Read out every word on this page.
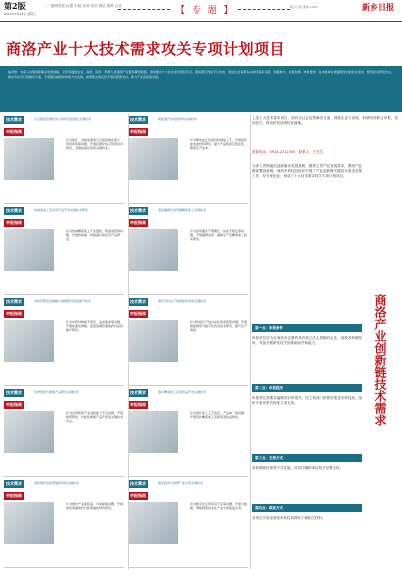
第2版
2022年9月28日 星期三
一二版网络报 标题 专版 导读 回归 网站 报纸 目录	【 专 题 】	新乡日报 要闻 2022	新乡日报
商洛产业十大技术需求攻关专项计划项目

编者按：为深入实施创新驱动发展战略，引导和鼓励企业、高校、院所、科研人员围绕产业链部署创新链，加快推动十大技术需求项目攻关。现将项目内容予以发布，欢迎社会各界有关单位联系对接、积极参与、共谋发展。申报要求：各申报单位须围绕发布的技术需求，组织技术研发攻关，提出切实可行的解决方案。专项通过揭榜挂帅等方式实施，按照相关规定给予项目经费支持，助力产业高质量发展。

技术需求	大宗固废资源化综合利用及高值化关键技术
申报指南
针对尾矿、冶炼废渣等大宗固废堆存量大、利用率低等问题，开展资源化综合利用技术研究，突破高值化利用关键技术。
技术需求	新能源汽车电池材料关键技术
申报指南
针对锂电池正负极材料制备工艺，开展高性能电池材料研究，提升产品性能及稳定性，降低生产成本。
技术需求	核桃深加工及系列产品开发关键技术研究
申报指南
针对核桃精深加工产业链短、附加值低等问题，开展核桃油、核桃蛋白等系列产品研发。
技术需求	香菇菌棒及食用菌精深加工关键技术
申报指南
针对食用菌生产周期长、品质不稳定等问题，开展菌种选育、菌棒生产及精深加工技术研究。
技术需求	中药材规范化种植与道地药材质量提升技术
申报指南
针对中药材种植不规范、品质参差等问题，开展标准化种植、质量追溯及道地药材品质提升研究。
技术需求	现代材料生产线智能化改造关键技术
申报指南
针对传统生产线自动化程度低等问题，开展智能制造与数字化改造技术研究，提升生产效率。
技术需求	生物医药与健康产品研发关键技术
申报指南
针对生物医药产业创新能力不足问题，开展新药研发、功能性健康产品开发等关键技术攻关。
技术需求	茶叶精深加工及茶饮品开发关键技术
申报指南
针对茶叶加工工艺落后、产品单一等问题，开展茶叶精深加工及新型茶饮品研发。
技术需求	绿色建材及新型墙体材料关键技术
申报指南
针对建材产业能耗高、污染重等问题，开展绿色低碳建材与新型墙体材料研究。
技术需求	数字经济与智慧产业应用关键技术
申报指南
针对数字化应用场景不足等问题，开展大数据、物联网等技术在产业中的集成应用。
上述十大技术需求项目，面向全社会征集解决方案，鼓励企业与高校、科研院所联合申报，协同攻关，推动科技成果转化落地。
联系电话：0914-2312345　联系人：王先生
为深入贯彻落实创新驱动发展战略，聚焦主导产业发展需求，围绕产业链部署创新链，商洛市科技局组织开展了产业创新链关键技术需求征集工作，经专家论证，形成了十大技术需求攻关专项计划项目。
第一点：申报条件
申报单位应为在商洛市注册的具有独立法人资格的企业、高校或科研院所，具备开展研发攻关的基础条件和能力。
第二点：申报程序
申报单位按要求编制项目申报书，经主管部门审核后报送市科技局，组织专家评审后择优立项支持。
第三点：支持方式
采取揭榜挂帅等方式实施，对成功揭榜项目给予经费支持。
第四点：联系方式
各单位可登录商洛市科技局网站下载相关材料。
商洛产业创新链技术需求
